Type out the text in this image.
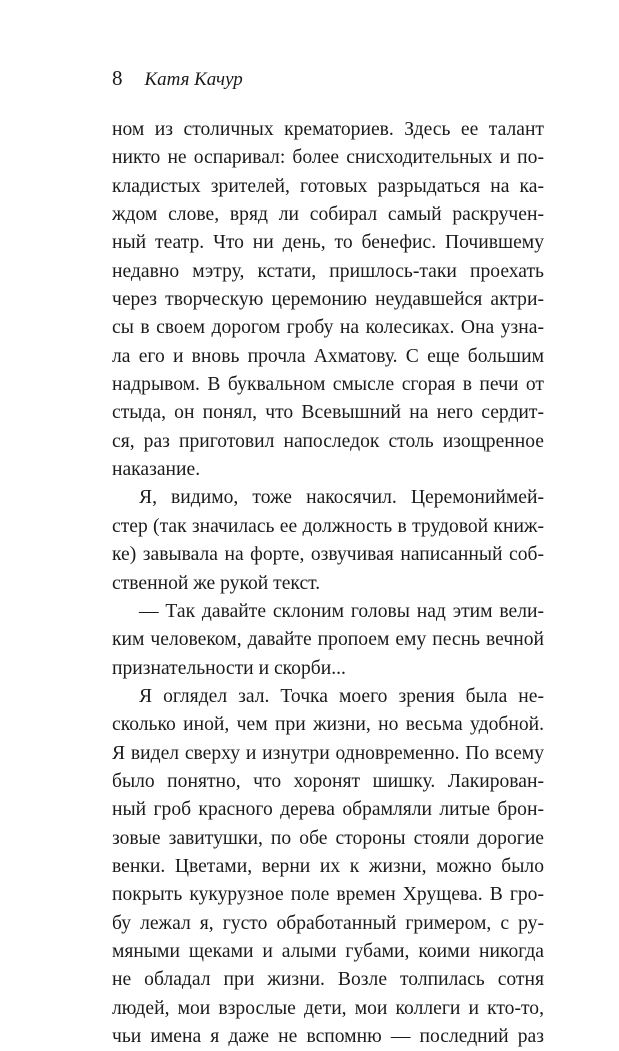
8 Катя Качур
ном из столичных крематориев. Здесь ее талант
никто не оспаривал: более снисходительных и по-
кладистых зрителей, готовых разрыдаться на ка-
ждом слове, вряд ли собирал самый раскручен-
ный театр. Что ни день, то бенефис. Почившему
недавно мэтру, кстати, пришлось-таки проехать
через творческую церемонию неудавшейся актри-
сы в своем дорогом гробу на колесиках. Она узна-
ла его и вновь прочла Ахматову. С еще большим
надрывом. В буквальном смысле сгорая в печи от
стыда, он понял, что Всевышний на него сердит-
ся, раз приготовил напоследок столь изощренное
наказание.
Я, видимо, тоже накосячил. Церемониймей-
стер (так значилась ее должность в трудовой книж-
ке) завывала на форте, озвучивая написанный соб-
ственной же рукой текст.
— Так давайте склоним головы над этим вели-
ким человеком, давайте пропоем ему песнь вечной
признательности и скорби...
Я оглядел зал. Точка моего зрения была не-
сколько иной, чем при жизни, но весьма удобной.
Я видел сверху и изнутри одновременно. По всему
было понятно, что хоронят шишку. Лакирован-
ный гроб красного дерева обрамляли литые брон-
зовые завитушки, по обе стороны стояли дорогие
венки. Цветами, верни их к жизни, можно было
покрыть кукурузное поле времен Хрущева. В гро-
бу лежал я, густо обработанный гримером, с ру-
мяными щеками и алыми губами, коими никогда
не обладал при жизни. Возле толпилась сотня
людей, мои взрослые дети, мои коллеги и кто-то,
чьи имена я даже не вспомню — последний раз
